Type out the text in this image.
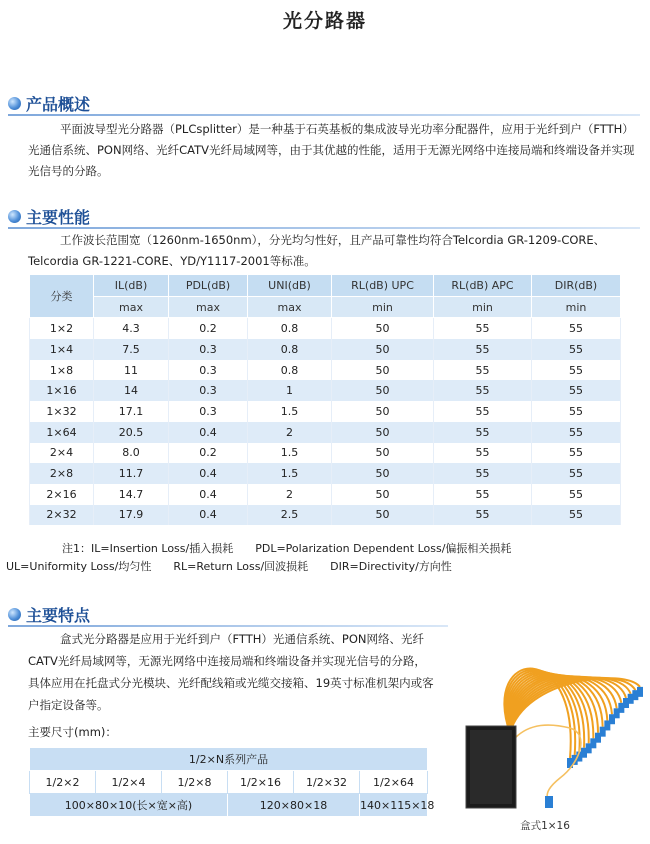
光分路器
产品概述

平面波导型光分路器（PLCsplitter）是一种基于石英基板的集成波导光功率分配器件，应用于光纤到户（FTTH）光通信系统、PON网络、光纤CATV光纤局域网等，由于其优越的性能，适用于无源光网络中连接局端和终端设备并实现光信号的分路。

主要性能

工作波长范围宽（1260nm-1650nm），分光均匀性好，且产品可靠性均符合Telcordia GR-1209-CORE、Telcordia GR-1221-CORE、YD/Y1117-2001等标准。

分类	IL(dB)	PDL(dB)	UNI(dB)	RL(dB) UPC	RL(dB) APC	DIR(dB)
	max	max	max	min	min	min
1×2	4.3	0.2	0.8	50	55	55
1×4	7.5	0.3	0.8	50	55	55
1×8	11	0.3	0.8	50	55	55
1×16	14	0.3	1	50	55	55
1×32	17.1	0.3	1.5	50	55	55
1×64	20.5	0.4	2	50	55	55
2×4	8.0	0.2	1.5	50	55	55
2×8	11.7	0.4	1.5	50	55	55
2×16	14.7	0.4	2	50	55	55
2×32	17.9	0.4	2.5	50	55	55
注1：IL=Insertion Loss/插入损耗　　PDL=Polarization Dependent Loss/偏振相关损耗
UL=Uniformity Loss/均匀性　　RL=Return Loss/回波损耗　　DIR=Directivity/方向性
主要特点

盒式光分路器是应用于光纤到户（FTTH）光通信系统、PON网络、光纤CATV光纤局域网等，无源光网络中连接局端和终端设备并实现光信号的分路，具体应用在托盘式分光模块、光纤配线箱或光缆交接箱、19英寸标准机架内或客户指定设备等。

主要尺寸(mm)：
1/2×N系列产品					
1/2×2	1/2×4	1/2×8	1/2×16	1/2×32	1/2×64
100×80×10(长×宽×高)			120×80×18		140×115×18
盒式1×16
